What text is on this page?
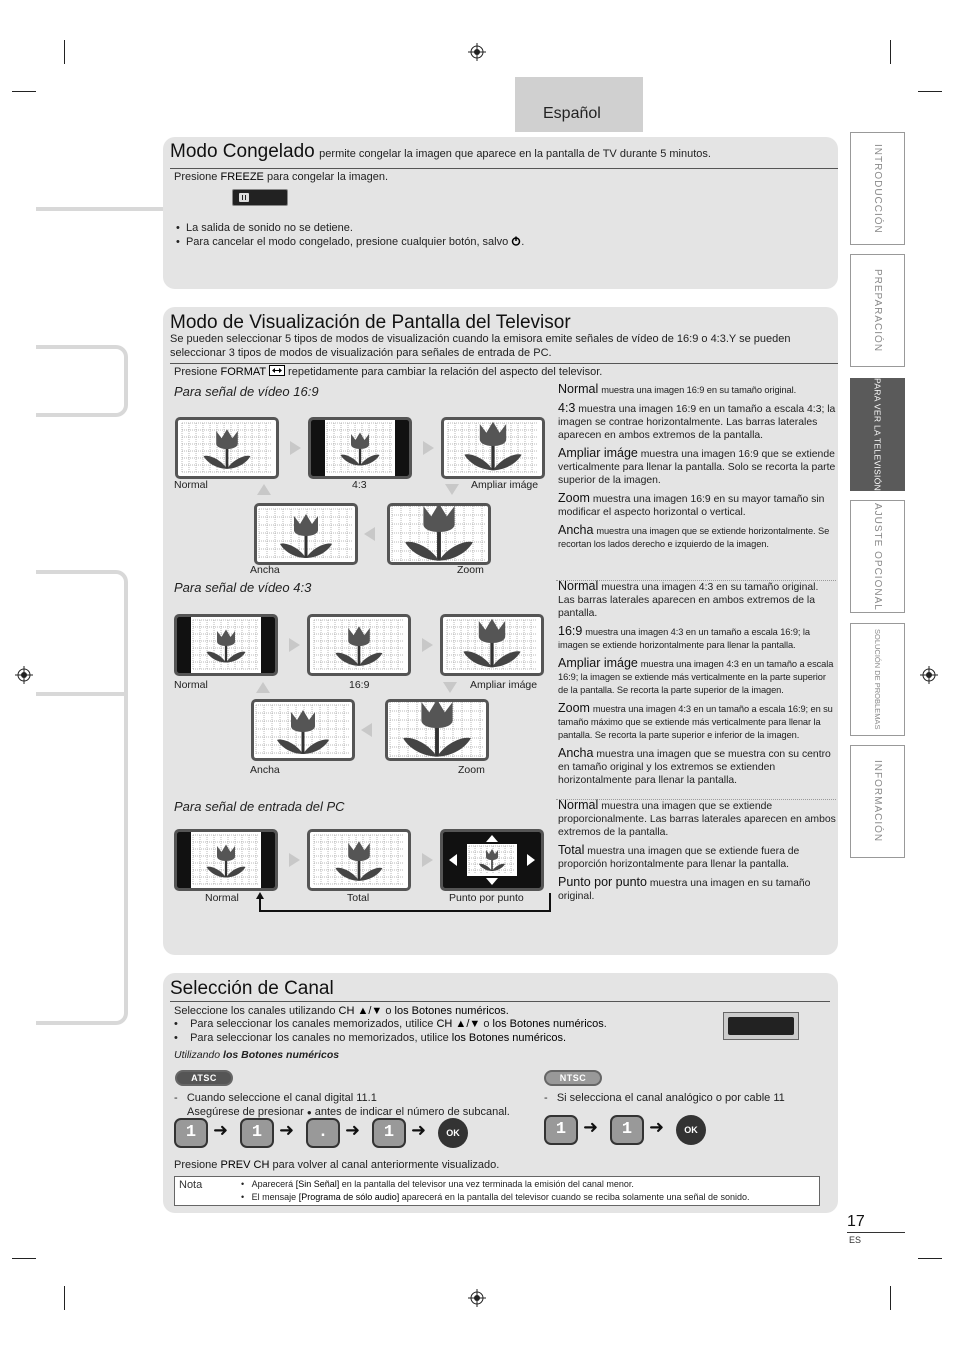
Español
INTRODUCCIÓN
PREPARACIÓN
PARA VER LA TELEVISIÓN
AJUSTE OPCIONAL
SOLUCIÓN DE PROBLEMAS
INFORMACIÓN
Modo Congelado permite congelar la imagen que aparece en la pantalla de TV durante 5 minutos.
Presione FREEZE para congelar la imagen.
•  La salida de sonido no se detiene.
•  Para cancelar el modo congelado, presione cualquier botón, salvo .
Modo de Visualización de Pantalla del Televisor
Se pueden seleccionar 5 tipos de modos de visualización cuando la emisora emite señales de vídeo de 16:9 o 4:3.Y se pueden seleccionar 3 tipos de modos de visualización para señales de entrada de PC.
Presione FORMAT repetidamente para cambiar la relación del aspecto del televisor.
Para señal de vídeo 16:9
Para señal de vídeo 4:3
Para señal de entrada del PC
Normal	4:3	Ampliar imáge
Ancha	Zoom
Normal	16:9	Ampliar imáge
Ancha	Zoom
Normal	Total	Punto por punto

Normal muestra una imagen 16:9 en su tamaño original.

4:3 muestra una imagen 16:9 en un tamaño a escala 4:3; la imagen se contrae horizontalmente. Las barras laterales aparecen en ambos extremos de la pantalla.

Ampliar imáge muestra una imagen 16:9 que se extiende verticalmente para llenar la pantalla. Solo se recorta la parte superior de la imagen.

Zoom muestra una imagen 16:9 en su mayor tamaño sin modificar el aspecto horizontal o vertical.

Ancha muestra una imagen que se extiende horizontalmente. Se recortan los lados derecho e izquierdo de la imagen.

Normal muestra una imagen 4:3 en su tamaño original. Las barras laterales aparecen en ambos extremos de la pantalla.

16:9 muestra una imagen 4:3 en un tamaño a escala 16:9; la imagen se extiende horizontalmente para llenar la pantalla.

Ampliar imáge muestra una imagen 4:3 en un tamaño a escala 16:9; la imagen se extiende más verticalmente en la parte superior de la pantalla. Se recorta la parte superior de la imagen.

Zoom muestra una imagen 4:3 en un tamaño a escala 16:9; en su tamaño máximo que se extiende más verticalmente para llenar la pantalla. Se recorta la parte superior e inferior de la imagen.

Ancha muestra una imagen que se muestra con su centro en tamaño original y los extremos se extienden horizontalmente para llenar la pantalla.

Normal muestra una imagen que se extiende proporcionalmente. Las barras laterales aparecen en ambos extremos de la pantalla.

Total muestra una imagen que se extiende fuera de proporción horizontalmente para llenar la pantalla.

Punto por punto muestra una imagen en su tamaño original.

Selección de Canal
Seleccione los canales utilizando CH ▲/▼ o los Botones numéricos.
•    Para seleccionar los canales memorizados, utilice CH ▲/▼ o los Botones numéricos.
•    Para seleccionar los canales no memorizados, utilice los Botones numéricos.
Utilizando los Botones numéricos
ATSC
- Cuando seleccione el canal digital 11.1
Asegúrese de presionar ● antes de indicar el número de subcanal.
1 ➜	1 ➜	. ➜	1 ➜	OK
NTSC
- Si selecciona el canal analógico o por cable 11
1 ➜	1 ➜	OK
Presione PREV CH para volver al canal anteriormente visualizado.
Nota	•   Aparecerá [Sin Señal] en la pantalla del televisor una vez terminada la emisión del canal menor.
•   El mensaje [Programa de sólo audio] aparecerá en la pantalla del televisor cuando se reciba solamente una señal de sonido.
17
ES
